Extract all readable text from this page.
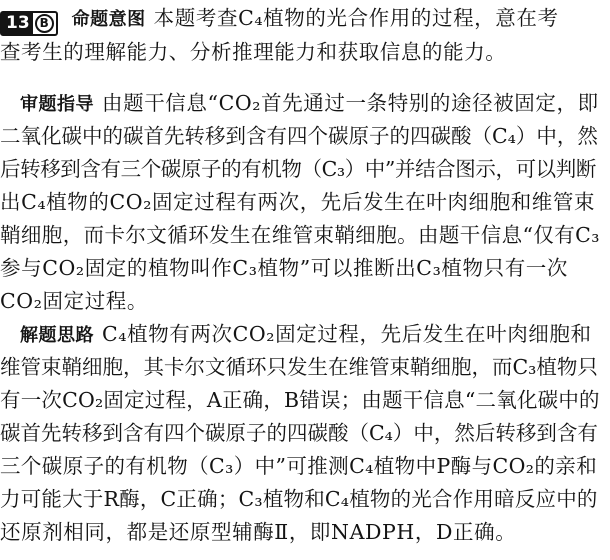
13 B 命题意图 本题考查C₄植物的光合作用的过程，意在考
查考生的理解能力、分析推理能力和获取信息的能力。
审题指导 由题干信息“CO₂首先通过一条特别的途径被固定，即
二氧化碳中的碳首先转移到含有四个碳原子的四碳酸（C₄）中，然
后转移到含有三个碳原子的有机物（C₃）中”并结合图示，可以判断
出C₄植物的CO₂固定过程有两次，先后发生在叶肉细胞和维管束
鞘细胞，而卡尔文循环发生在维管束鞘细胞。由题干信息“仅有C₃
参与CO₂固定的植物叫作C₃植物”可以推断出C₃植物只有一次
CO₂固定过程。
解题思路 C₄植物有两次CO₂固定过程，先后发生在叶肉细胞和
维管束鞘细胞，其卡尔文循环只发生在维管束鞘细胞，而C₃植物只
有一次CO₂固定过程，A正确，B错误；由题干信息“二氧化碳中的
碳首先转移到含有四个碳原子的四碳酸（C₄）中，然后转移到含有
三个碳原子的有机物（C₃）中”可推测C₄植物中P酶与CO₂的亲和
力可能大于R酶，C正确；C₃植物和C₄植物的光合作用暗反应中的
还原剂相同，都是还原型辅酶Ⅱ，即NADPH，D正确。
